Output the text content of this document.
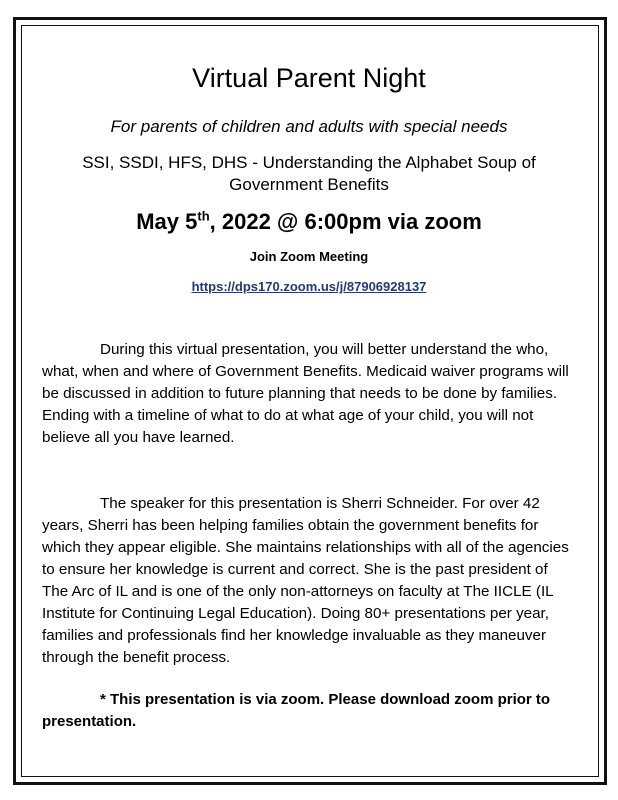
Virtual Parent Night
For parents of children and adults with special needs
SSI, SSDI, HFS, DHS - Understanding the Alphabet Soup of Government Benefits
May 5th, 2022 @ 6:00pm via zoom
Join Zoom Meeting
https://dps170.zoom.us/j/87906928137

During this virtual presentation, you will better understand the who, what, when and where of Government Benefits. Medicaid waiver programs will be discussed in addition to future planning that needs to be done by families. Ending with a timeline of what to do at what age of your child, you will not believe all you have learned.

The speaker for this presentation is Sherri Schneider. For over 42 years, Sherri has been helping families obtain the government benefits for which they appear eligible. She maintains relationships with all of the agencies to ensure her knowledge is current and correct. She is the past president of The Arc of IL and is one of the only non-attorneys on faculty at The IICLE (IL Institute for Continuing Legal Education). Doing 80+ presentations per year, families and professionals find her knowledge invaluable as they maneuver through the benefit process.

* This presentation is via zoom. Please download zoom prior to presentation.
